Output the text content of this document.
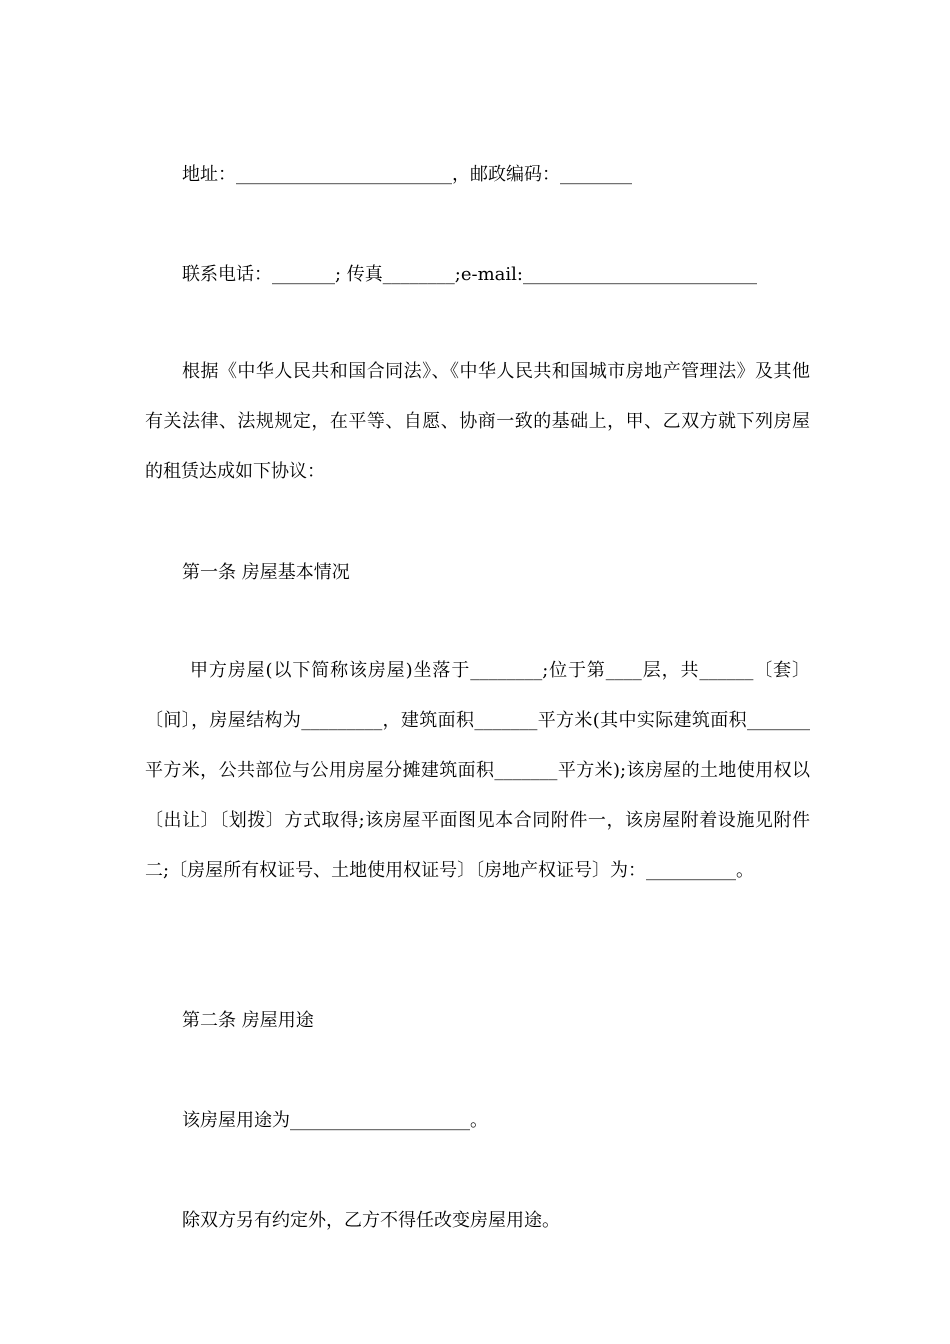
地址：________________________，邮政编码：________
联系电话：_______; 传真________;e-mail:__________________________
根据《中华人民共和国合同法》、《中华人民共和国城市房地产管理法》及其他有关法律、法规规定，在平等、自愿、协商一致的基础上，甲、乙双方就下列房屋的租赁达成如下协议：
第一条 房屋基本情况
甲方房屋(以下简称该房屋)坐落于________;位于第____层，共______〔套〕〔间〕，房屋结构为_________，建筑面积_______平方米(其中实际建筑面积_______平方米，公共部位与公用房屋分摊建筑面积_______平方米);该房屋的土地使用权以〔出让〕〔划拨〕方式取得;该房屋平面图见本合同附件一，该房屋附着设施见附件二;〔房屋所有权证号、土地使用权证号〕〔房地产权证号〕为：__________。
第二条 房屋用途
该房屋用途为____________________。
除双方另有约定外，乙方不得任改变房屋用途。
